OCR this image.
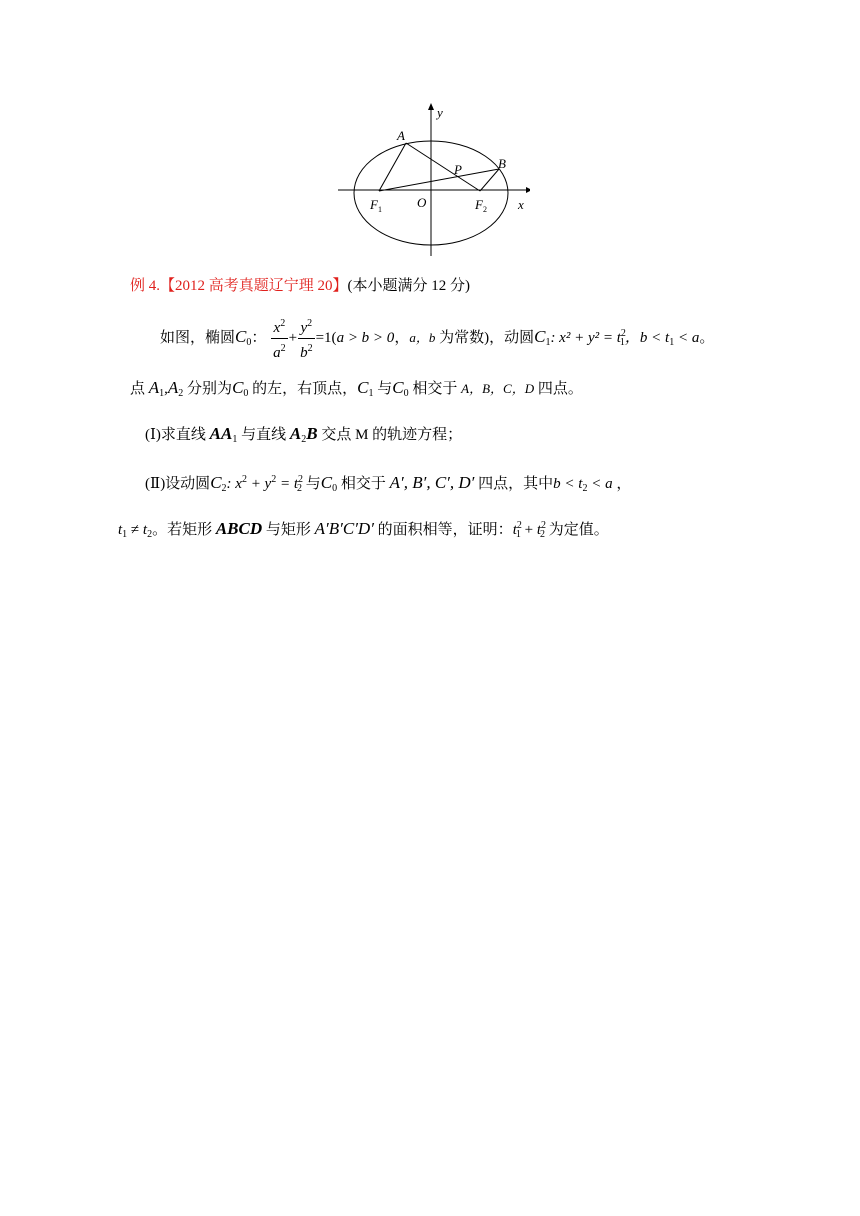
y
A
B
P
O	x
$F_1$	$F_2$
例 4.【2012 高考真题辽宁理 20】(本小题满分 12 分)
如图，椭圆$C_0$： $\frac{x^2}{a^2} + \frac{y^2}{b^2} =1(a > b > 0$，a，b 为常数)，动圆$C_1$: $x^2 + y^2 = t^2_1$，$b < t_1 < a$。
点 $A_1,A_2$ 分别为$C_0$ 的左，右顶点，$C_1$ 与$C_0$ 相交于 A，B，C，D 四点。
(Ⅰ)求直线 $AA_1$ 与直线 $A_2B$ 交点 M 的轨迹方程；
(Ⅱ)设动圆$C_2$: $x^2 + y^2 = t^2_2$ 与$C_0$ 相交于 A′, B′, C′, D′ 四点，其中$b < t_2 < a$ ，
$t_1 \ne t_2$。若矩形 ABCD 与矩形 A′B′C′D′ 的面积相等，证明：$t^2_1 + t^2_2$ 为定值。
